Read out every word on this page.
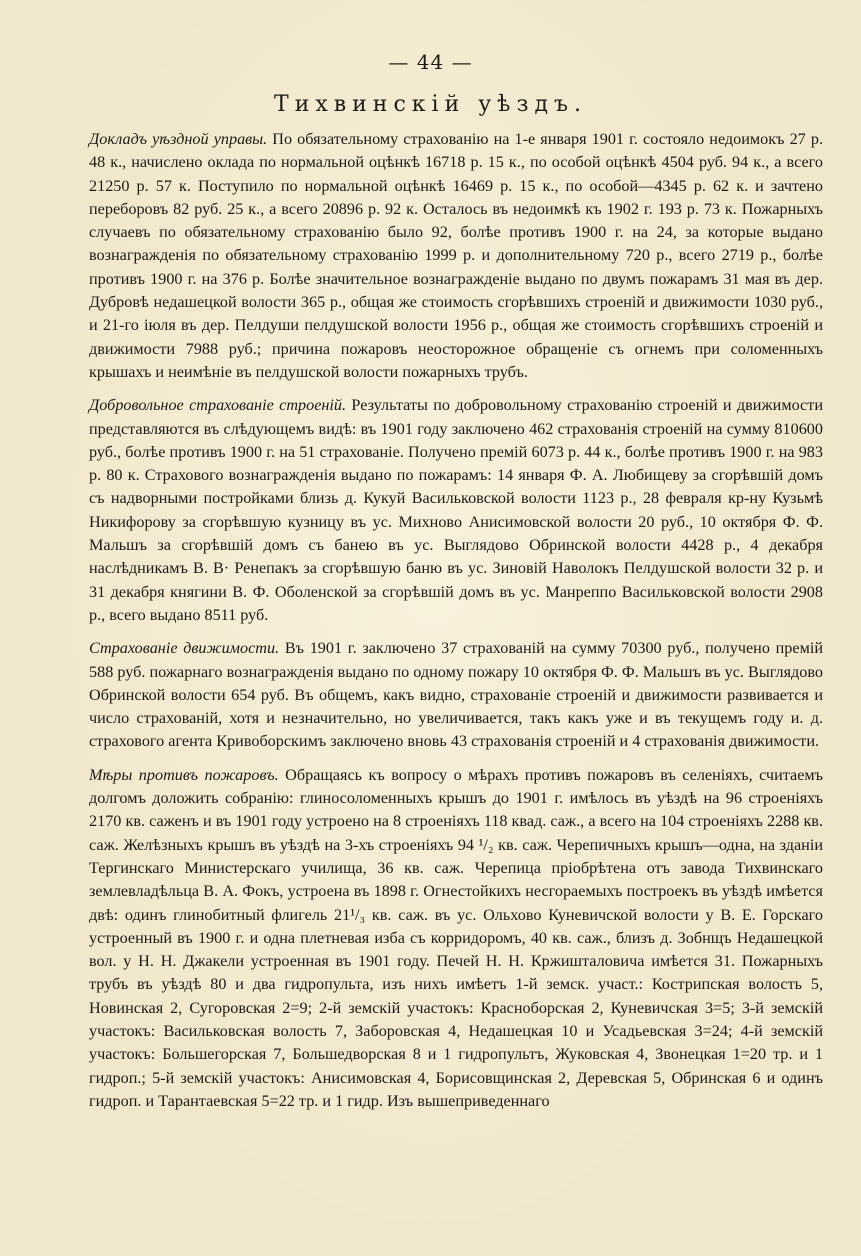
— 44 —

Тихвинскій уѣздъ.

Докладъ уѣздной управы. По обязательному страхованію на 1-е января 1901 г. состояло недоимокъ 27 р. 48 к., начислено оклада по нормальной оцѣнкѣ 16718 р. 15 к., по особой оцѣнкѣ 4504 руб. 94 к., а всего 21250 р. 57 к. Поступило по нормальной оцѣнкѣ 16469 р. 15 к., по особой—4345 р. 62 к. и зачтено переборовъ 82 руб. 25 к., а всего 20896 р. 92 к. Осталось въ недоимкѣ къ 1902 г. 193 р. 73 к. Пожарныхъ случаевъ по обязательному страхованію было 92, болѣе противъ 1900 г. на 24, за которые выдано вознагражденія по обязательному страхованію 1999 р. и дополнительному 720 р., всего 2719 р., болѣе противъ 1900 г. на 376 р. Болѣе значительное вознагражденіе выдано по двумъ пожарамъ 31 мая въ дер. Дубровѣ недашецкой волости 365 р., общая же стоимость сгорѣвшихъ строеній и движимости 1030 руб., и 21-го іюля въ дер. Пелдуши пелдушской волости 1956 р., общая же стоимость сгорѣвшихъ строеній и движимости 7988 руб.; причина пожаровъ неосторожное обращеніе съ огнемъ при соломенныхъ крышахъ и неимѣніе въ пелдушской волости пожарныхъ трубъ.

Добровольное страхованіе строеній. Результаты по добровольному страхованію строеній и движимости представляются въ слѣдующемъ видѣ: въ 1901 году заключено 462 страхованія строеній на сумму 810600 руб., болѣе противъ 1900 г. на 51 страхованіе. Получено премій 6073 р. 44 к., болѣе противъ 1900 г. на 983 р. 80 к. Страхового вознагражденія выдано по пожарамъ: 14 января Ф. А. Любищеву за сгорѣвшій домъ съ надворными постройками близь д. Кукуй Васильковской волости 1123 р., 28 февраля кр-ну Кузьмѣ Никифорову за сгорѣвшую кузницу въ ус. Михново Анисимовской волости 20 руб., 10 октября Ф. Ф. Мальшъ за сгорѣвшій домъ съ банею въ ус. Выглядово Обринской волости 4428 р., 4 декабря наслѣдникамъ В. В· Ренепакъ за сгорѣвшую баню въ ус. Зиновій Наволокъ Пелдушской волости 32 р. и 31 декабря княгини В. Ф. Оболенской за сгорѣвшій домъ въ ус. Манреппо Васильковской волости 2908 р., всего выдано 8511 руб.

Страхованіе движимости. Въ 1901 г. заключено 37 страхованій на сумму 70300 руб., получено премій 588 руб. пожарнаго вознагражденія выдано по одному пожару 10 октября Ф. Ф. Мальшъ въ ус. Выглядово Обринской волости 654 руб. Въ общемъ, какъ видно, страхованіе строеній и движимости развивается и число страхованій, хотя и незначительно, но увеличивается, такъ какъ уже и въ текущемъ году и. д. страхового агента Кривоборскимъ заключено вновь 43 страхованія строеній и 4 страхованія движимости.

Мѣры противъ пожаровъ. Обращаясь къ вопросу о мѣрахъ противъ пожаровъ въ селеніяхъ, считаемъ долгомъ доложить собранію: глиносоломенныхъ крышъ до 1901 г. имѣлось въ уѣздѣ на 96 строеніяхъ 2170 кв. саженъ и въ 1901 году устроено на 8 строеніяхъ 118 квад. саж., а всего на 104 строеніяхъ 2288 кв. саж. Желѣзныхъ крышъ въ уѣздѣ на 3-хъ строеніяхъ 94 ¹/₂ кв. саж. Черепичныхъ крышъ—одна, на зданіи Тергинскаго Министерскаго училища, 36 кв. саж. Черепица пріобрѣтена отъ завода Тихвинскаго землевладѣльца В. А. Фокъ, устроена въ 1898 г. Огнестойкихъ несгораемыхъ построекъ въ уѣздѣ имѣется двѣ: одинъ глинобитный флигель 21¹/₃ кв. саж. въ ус. Ольхово Куневичской волости у В. Е. Горскаго устроенный въ 1900 г. и одна плетневая изба съ корридоромъ, 40 кв. саж., близъ д. Зобнщъ Недашецкой вол. у Н. Н. Джакели устроенная въ 1901 году. Печей Н. Н. Кржишталовича имѣется 31. Пожарныхъ трубъ въ уѣздѣ 80 и два гидропульта, изъ нихъ имѣетъ 1-й земск. участ.: Кострипская волость 5, Новинская 2, Сугоровская 2=9; 2-й земскій участокъ: Красноборская 2, Куневичская 3=5; 3-й земскій участокъ: Васильковская волость 7, Заборовская 4, Недашецкая 10 и Усадьевская 3=24; 4-й земскій участокъ: Большегорская 7, Большедворская 8 и 1 гидропультъ, Жуковская 4, Звонецкая 1=20 тр. и 1 гидроп.; 5-й земскій участокъ: Анисимовская 4, Борисовщинская 2, Деревская 5, Обринская 6 и одинъ гидроп. и Тарантаевская 5=22 тр. и 1 гидр. Изъ вышеприведеннаго
